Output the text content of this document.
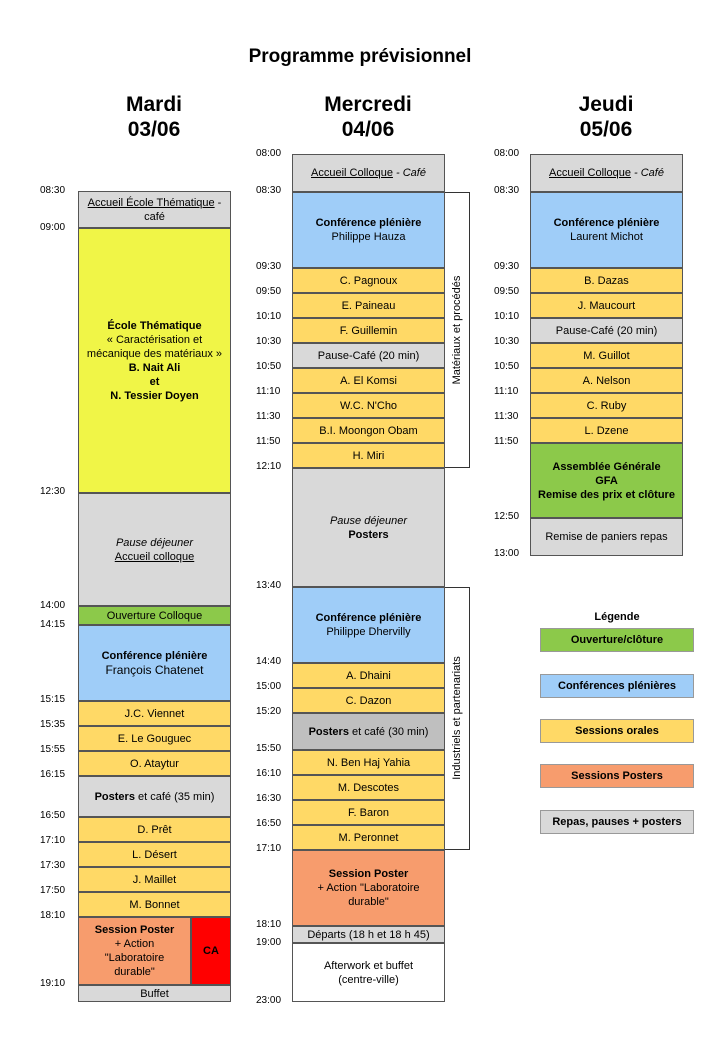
Programme prévisionnel
Mardi
03/06
Mercredi
04/06
Jeudi
05/06
08:30
09:00
12:30
14:00
14:15
15:15
15:35
15:55
16:15
16:50
17:10
17:30
17:50
18:10
19:10
Accueil École Thématique - café
École Thématique
« Caractérisation et mécanique des matériaux »
B. Nait Ali
et
N. Tessier Doyen
Pause déjeuner
Accueil colloque
Ouverture Colloque
Conférence plénière
François Chatenet
J.C. Viennet
E. Le Gouguec
O. Ataytur
Posters et café (35 min)
D. Prêt
L. Désert
J. Maillet
M. Bonnet
Session Poster
+ Action "Laboratoire durable"
CA
Buffet
08:00
08:30
09:30
09:50
10:10
10:30
10:50
11:10
11:30
11:50
12:10
13:40
14:40
15:00
15:20
15:50
16:10
16:30
16:50
17:10
18:10
19:00
23:00
Accueil Colloque - Café
Conférence plénière
Philippe Hauza
C. Pagnoux
E. Paineau
F. Guillemin
Pause-Café (20 min)
A. El Komsi
W.C. N'Cho
B.I. Moongon Obam
H. Miri
Pause déjeuner
Posters
Conférence plénière
Philippe Dhervilly
A. Dhaini
C. Dazon
Posters et café (30 min)
N. Ben Haj Yahia
M. Descotes
F. Baron
M. Peronnet
Session Poster
+ Action "Laboratoire durable"
Départs (18 h et 18 h 45)
Afterwork et buffet (centre-ville)
Matériaux et procédés
Industriels et partenariats
08:00
08:30
09:30
09:50
10:10
10:30
10:50
11:10
11:30
11:50
12:50
13:00
Accueil Colloque - Café
Conférence plénière
Laurent Michot
B. Dazas
J. Maucourt
Pause-Café (20 min)
M. Guillot
A. Nelson
C. Ruby
L. Dzene
Assemblée Générale
GFA
Remise des prix et clôture
Remise de paniers repas
Légende
Ouverture/clôture
Conférences plénières
Sessions orales
Sessions Posters
Repas, pauses + posters
